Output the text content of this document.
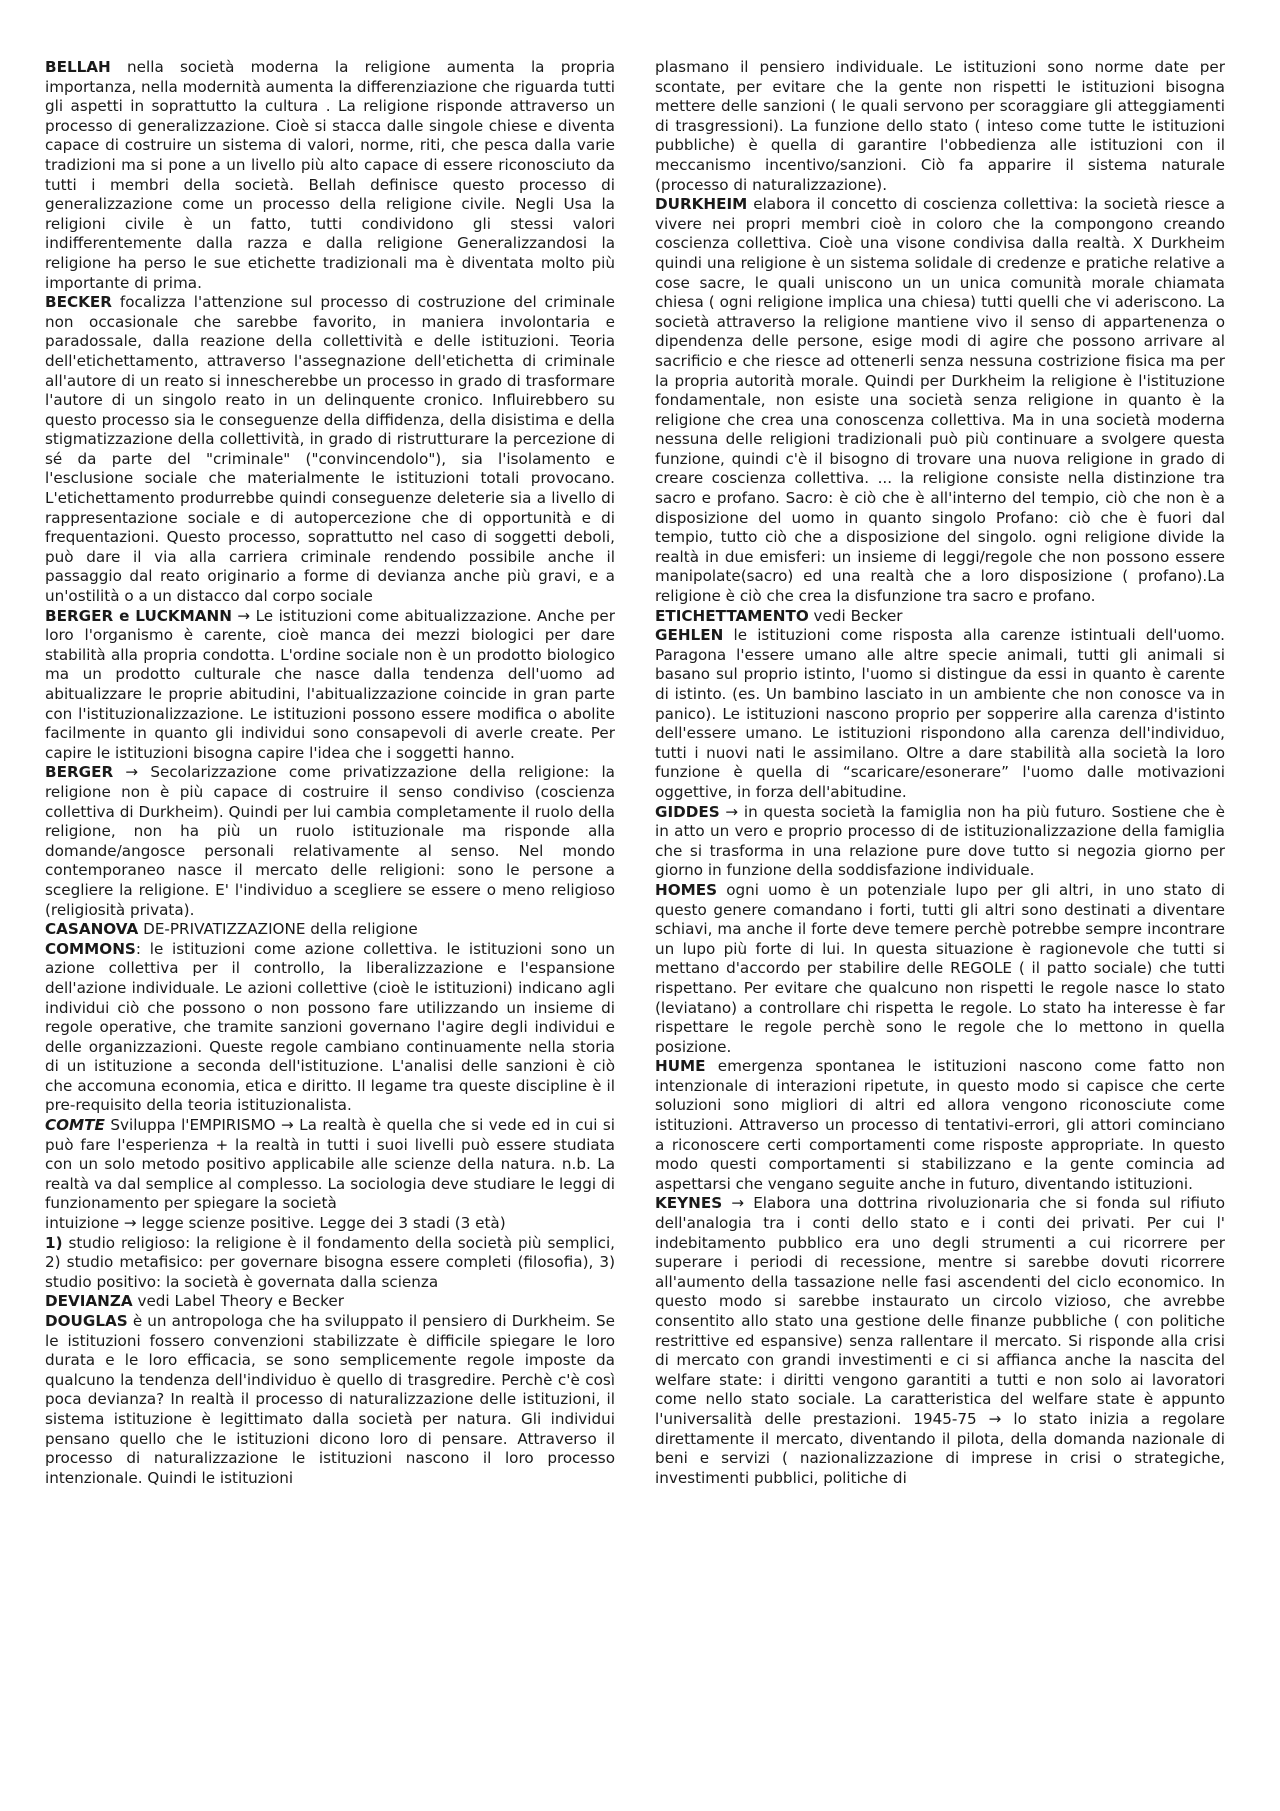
BELLAH nella società moderna la religione aumenta la propria importanza, nella modernità aumenta la differenziazione che riguarda tutti gli aspetti in soprattutto la cultura . La religione risponde attraverso un processo di generalizzazione. Cioè si stacca dalle singole chiese e diventa capace di costruire un sistema di valori, norme, riti, che pesca dalla varie tradizioni ma si pone a un livello più alto capace di essere riconosciuto da tutti i membri della società. Bellah definisce questo processo di generalizzazione come un processo della religione civile. Negli Usa la religioni civile è un fatto, tutti condividono gli stessi valori indifferentemente dalla razza e dalla religione Generalizzandosi la religione ha perso le sue etichette tradizionali ma è diventata molto più importante di prima.

BECKER focalizza l'attenzione sul processo di costruzione del criminale non occasionale che sarebbe favorito, in maniera involontaria e paradossale, dalla reazione della collettività e delle istituzioni. Teoria dell'etichettamento, attraverso l'assegnazione dell'etichetta di criminale all'autore di un reato si innescherebbe un processo in grado di trasformare l'autore di un singolo reato in un delinquente cronico. Influirebbero su questo processo sia le conseguenze della diffidenza, della disistima e della stigmatizzazione della collettività, in grado di ristrutturare la percezione di sé da parte del "criminale" ("convincendolo"), sia l'isolamento e l'esclusione sociale che materialmente le istituzioni totali provocano. L'etichettamento produrrebbe quindi conseguenze deleterie sia a livello di rappresentazione sociale e di autopercezione che di opportunità e di frequentazioni. Questo processo, soprattutto nel caso di soggetti deboli, può dare il via alla carriera criminale rendendo possibile anche il passaggio dal reato originario a forme di devianza anche più gravi, e a un'ostilità o a un distacco dal corpo sociale

BERGER e LUCKMANN → Le istituzioni come abitualizzazione. Anche per loro l'organismo è carente, cioè manca dei mezzi biologici per dare stabilità alla propria condotta. L'ordine sociale non è un prodotto biologico ma un prodotto culturale che nasce dalla tendenza dell'uomo ad abitualizzare le proprie abitudini, l'abitualizzazione coincide in gran parte con l'istituzionalizzazione. Le istituzioni possono essere modifica o abolite facilmente in quanto gli individui sono consapevoli di averle create. Per capire le istituzioni bisogna capire l'idea che i soggetti hanno.

BERGER → Secolarizzazione come privatizzazione della religione: la religione non è più capace di costruire il senso condiviso (coscienza collettiva di Durkheim). Quindi per lui cambia completamente il ruolo della religione, non ha più un ruolo istituzionale ma risponde alla domande/angosce personali relativamente al senso. Nel mondo contemporaneo nasce il mercato delle religioni: sono le persone a scegliere la religione. E' l'individuo a scegliere se essere o meno religioso (religiosità privata).

CASANOVA DE-PRIVATIZZAZIONE della religione

COMMONS: le istituzioni come azione collettiva. le istituzioni sono un azione collettiva per il controllo, la liberalizzazione e l'espansione dell'azione individuale. Le azioni collettive (cioè le istituzioni) indicano agli individui ciò che possono o non possono fare utilizzando un insieme di regole operative, che tramite sanzioni governano l'agire degli individui e delle organizzazioni. Queste regole cambiano continuamente nella storia di un istituzione a seconda dell'istituzione. L'analisi delle sanzioni è ciò che accomuna economia, etica e diritto. Il legame tra queste discipline è il pre-requisito della teoria istituzionalista.

COMTE Sviluppa l'EMPIRISMO → La realtà è quella che si vede ed in cui si può fare l'esperienza + la realtà in tutti i suoi livelli può essere studiata con un solo metodo positivo applicabile alle scienze della natura. n.b. La realtà va dal semplice al complesso. La sociologia deve studiare le leggi di funzionamento per spiegare la società

intuizione → legge scienze positive. Legge dei 3 stadi (3 età)

1) studio religioso: la religione è il fondamento della società più semplici, 2) studio metafisico: per governare bisogna essere completi (filosofia), 3) studio positivo: la società è governata dalla scienza

DEVIANZA vedi Label Theory e Becker

DOUGLAS è un antropologa che ha sviluppato il pensiero di Durkheim. Se le istituzioni fossero convenzioni stabilizzate è difficile spiegare le loro durata e le loro efficacia, se sono semplicemente regole imposte da qualcuno la tendenza dell'individuo è quello di trasgredire. Perchè c'è così poca devianza? In realtà il processo di naturalizzazione delle istituzioni, il sistema istituzione è legittimato dalla società per natura. Gli individui pensano quello che le istituzioni dicono loro di pensare. Attraverso il processo di naturalizzazione le istituzioni nascono il loro processo intenzionale. Quindi le istituzioni

plasmano il pensiero individuale. Le istituzioni sono norme date per scontate, per evitare che la gente non rispetti le istituzioni bisogna mettere delle sanzioni ( le quali servono per scoraggiare gli atteggiamenti di trasgressioni). La funzione dello stato ( inteso come tutte le istituzioni pubbliche) è quella di garantire l'obbedienza alle istituzioni con il meccanismo incentivo/sanzioni. Ciò fa apparire il sistema naturale (processo di naturalizzazione).

DURKHEIM elabora il concetto di coscienza collettiva: la società riesce a vivere nei propri membri cioè in coloro che la compongono creando coscienza collettiva. Cioè una visone condivisa dalla realtà. X Durkheim quindi una religione è un sistema solidale di credenze e pratiche relative a cose sacre, le quali uniscono un un unica comunità morale chiamata chiesa ( ogni religione implica una chiesa) tutti quelli che vi aderiscono. La società attraverso la religione mantiene vivo il senso di appartenenza o dipendenza delle persone, esige modi di agire che possono arrivare al sacrificio e che riesce ad ottenerli senza nessuna costrizione fisica ma per la propria autorità morale. Quindi per Durkheim la religione è l'istituzione fondamentale, non esiste una società senza religione in quanto è la religione che crea una conoscenza collettiva. Ma in una società moderna nessuna delle religioni tradizionali può più continuare a svolgere questa funzione, quindi c'è il bisogno di trovare una nuova religione in grado di creare coscienza collettiva. ... la religione consiste nella distinzione tra sacro e profano. Sacro: è ciò che è all'interno del tempio, ciò che non è a disposizione del uomo in quanto singolo Profano: ciò che è fuori dal tempio, tutto ciò che a disposizione del singolo. ogni religione divide la realtà in due emisferi: un insieme di leggi/regole che non possono essere manipolate(sacro) ed una realtà che a loro disposizione ( profano).La religione è ciò che crea la disfunzione tra sacro e profano.

ETICHETTAMENTO vedi Becker

GEHLEN le istituzioni come risposta alla carenze istintuali dell'uomo. Paragona l'essere umano alle altre specie animali, tutti gli animali si basano sul proprio istinto, l'uomo si distingue da essi in quanto è carente di istinto. (es. Un bambino lasciato in un ambiente che non conosce va in panico). Le istituzioni nascono proprio per sopperire alla carenza d'istinto dell'essere umano. Le istituzioni rispondono alla carenza dell'individuo, tutti i nuovi nati le assimilano. Oltre a dare stabilità alla società la loro funzione è quella di “scaricare/esonerare” l'uomo dalle motivazioni oggettive, in forza dell'abitudine.

GIDDES → in questa società la famiglia non ha più futuro. Sostiene che è in atto un vero e proprio processo di de istituzionalizzazione della famiglia che si trasforma in una relazione pure dove tutto si negozia giorno per giorno in funzione della soddisfazione individuale.

HOMES ogni uomo è un potenziale lupo per gli altri, in uno stato di questo genere comandano i forti, tutti gli altri sono destinati a diventare schiavi, ma anche il forte deve temere perchè potrebbe sempre incontrare un lupo più forte di lui. In questa situazione è ragionevole che tutti si mettano d'accordo per stabilire delle REGOLE ( il patto sociale) che tutti rispettano. Per evitare che qualcuno non rispetti le regole nasce lo stato (leviatano) a controllare chi rispetta le regole. Lo stato ha interesse è far rispettare le regole perchè sono le regole che lo mettono in quella posizione.

HUME emergenza spontanea le istituzioni nascono come fatto non intenzionale di interazioni ripetute, in questo modo si capisce che certe soluzioni sono migliori di altri ed allora vengono riconosciute come istituzioni. Attraverso un processo di tentativi-errori, gli attori cominciano a riconoscere certi comportamenti come risposte appropriate. In questo modo questi comportamenti si stabilizzano e la gente comincia ad aspettarsi che vengano seguite anche in futuro, diventando istituzioni.

KEYNES → Elabora una dottrina rivoluzionaria che si fonda sul rifiuto dell'analogia tra i conti dello stato e i conti dei privati. Per cui l' indebitamento pubblico era uno degli strumenti a cui ricorrere per superare i periodi di recessione, mentre si sarebbe dovuti ricorrere all'aumento della tassazione nelle fasi ascendenti del ciclo economico. In questo modo si sarebbe instaurato un circolo vizioso, che avrebbe consentito allo stato una gestione delle finanze pubbliche ( con politiche restrittive ed espansive) senza rallentare il mercato. Si risponde alla crisi di mercato con grandi investimenti e ci si affianca anche la nascita del welfare state: i diritti vengono garantiti a tutti e non solo ai lavoratori come nello stato sociale. La caratteristica del welfare state è appunto l'universalità delle prestazioni. 1945-75 → lo stato inizia a regolare direttamente il mercato, diventando il pilota, della domanda nazionale di beni e servizi ( nazionalizzazione di imprese in crisi o strategiche, investimenti pubblici, politiche di
